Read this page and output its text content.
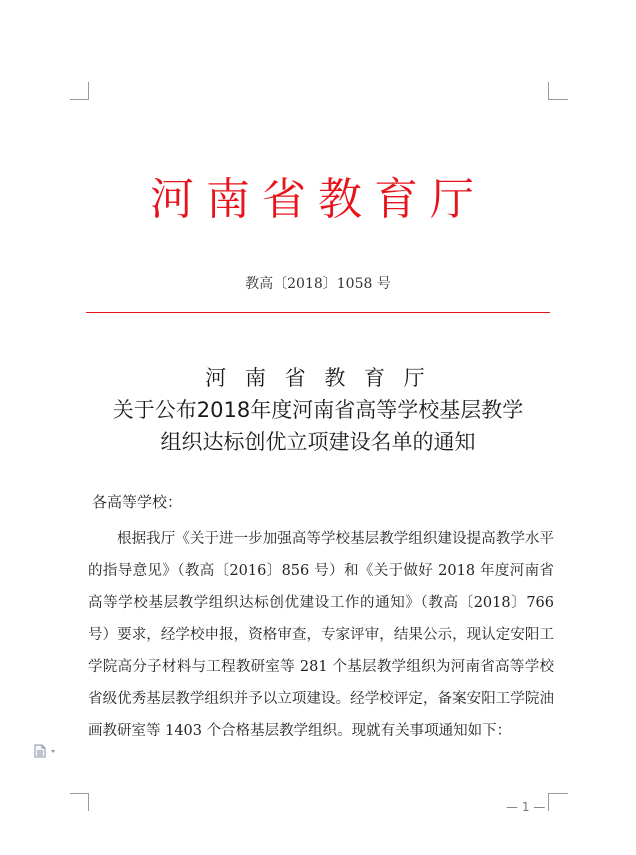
河南省教育厅
教高〔2018〕1058 号
河 南 省 教 育 厅
关于公布2018年度河南省高等学校基层教学
组织达标创优立项建设名单的通知
各高等学校：

根据我厅《关于进一步加强高等学校基层教学组织建设提高教学水平的指导意见》（教高〔2016〕856 号）和《关于做好 2018 年度河南省高等学校基层教学组织达标创优建设工作的通知》（教高〔2018〕766 号）要求，经学校申报，资格审查，专家评审，结果公示，现认定安阳工学院高分子材料与工程教研室等 281 个基层教学组织为河南省高等学校省级优秀基层教学组织并予以立项建设。经学校评定，备案安阳工学院油画教研室等 1403 个合格基层教学组织。现就有关事项通知如下：

— 1 —
